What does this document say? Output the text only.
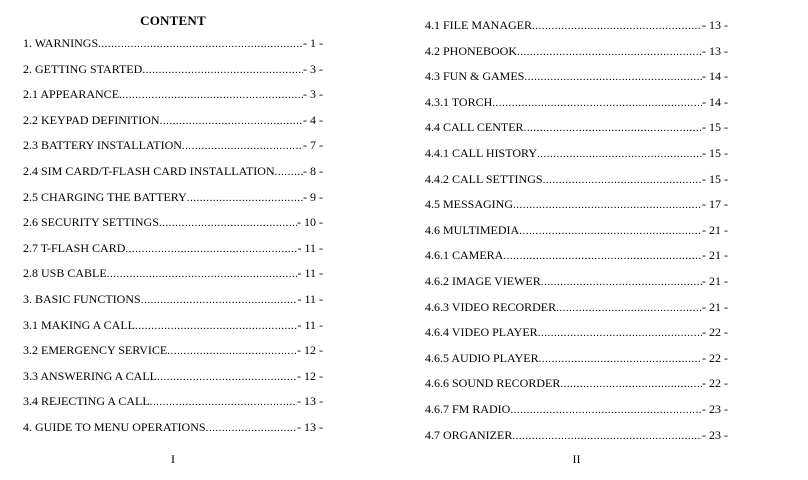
CONTENT
1. WARNINGS .....	- 1 -
2. GETTING STARTED .....	- 3 -
2.1 APPEARANCE .....	- 3 -
2.2 KEYPAD DEFINITION .....	- 4 -
2.3 BATTERY INSTALLATION .....	- 7 -
2.4 SIM CARD/T-FLASH CARD INSTALLATION ..... - 8 -
2.5 CHARGING THE BATTERY .....	- 9 -
2.6 SECURITY SETTINGS .....	- 10 -
2.7 T-FLASH CARD .....	- 11 -
2.8 USB CABLE .....	- 11 -
3. BASIC FUNCTIONS .....	- 11 -
3.1 MAKING A CALL .....	- 11 -
3.2 EMERGENCY SERVICE .....	- 12 -
3.3 ANSWERING A CALL .....	- 12 -
3.4 REJECTING A CALL .....	- 13 -
4. GUIDE TO MENU OPERATIONS .....	- 13 -
I
4.1 FILE MANAGER .....	- 13 -
4.2 PHONEBOOK .....	- 13 -
4.3 FUN & GAMES .....	- 14 -
4.3.1 TORCH .....	- 14 -
4.4 CALL CENTER .....	- 15 -
4.4.1 CALL HISTORY .....	- 15 -
4.4.2 CALL SETTINGS .....	- 15 -
4.5 MESSAGING .....	- 17 -
4.6 MULTIMEDIA .....	- 21 -
4.6.1 CAMERA .....	- 21 -
4.6.2 IMAGE VIEWER .....	- 21 -
4.6.3 VIDEO RECORDER .....	- 21 -
4.6.4 VIDEO PLAYER .....	- 22 -
4.6.5 AUDIO PLAYER .....	- 22 -
4.6.6 SOUND RECORDER .....	- 22 -
4.6.7 FM RADIO .....	- 23 -
4.7 ORGANIZER .....	- 23 -
II
